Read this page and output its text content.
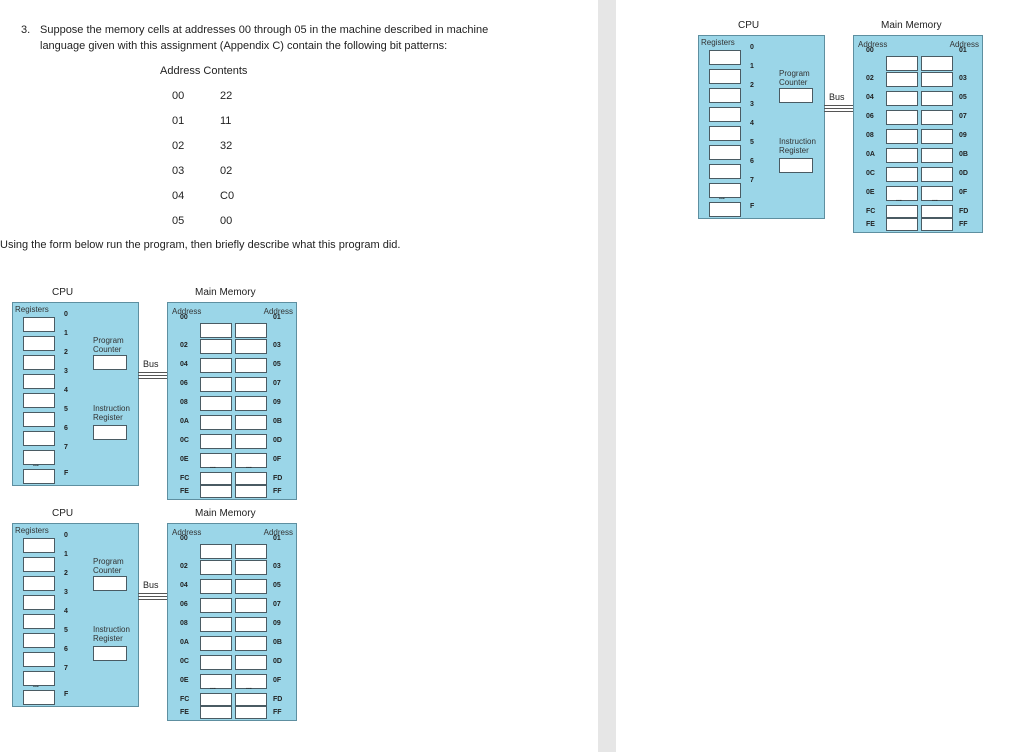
3. Suppose the memory cells at addresses 00 through 05 in the machine described in machine
language given with this assignment (Appendix C) contain the following bit patterns:
Address Contents
00	22
01	11
02	32
03	02
04	C0
05	00
Using the form below run the program, then briefly describe what this program did.
CPU	Main Memory
Registers
0
1
2
3
4
5
6
7
F
...
Program Counter
Instruction Register
Bus
Address	Address
00	01
02	03
04	05
06	07
08	09
0A	0B
0C	0D
0E	0F
FC	FD
FE	FF
...	...
CPU	Main Memory
Registers
0
1
2
3
4
5
6
7
F
...
Program Counter
Instruction Register
Bus
Address	Address
00	01
02	03
04	05
06	07
08	09
0A	0B
0C	0D
0E	0F
FC	FD
FE	FF
...	...
CPU	Main Memory
Registers
0
1
2
3
4
5
6
7
F
...
Program Counter
Instruction Register
Bus
Address	Address
00	01
02	03
04	05
06	07
08	09
0A	0B
0C	0D
0E	0F
FC	FD
FE	FF
...	...
